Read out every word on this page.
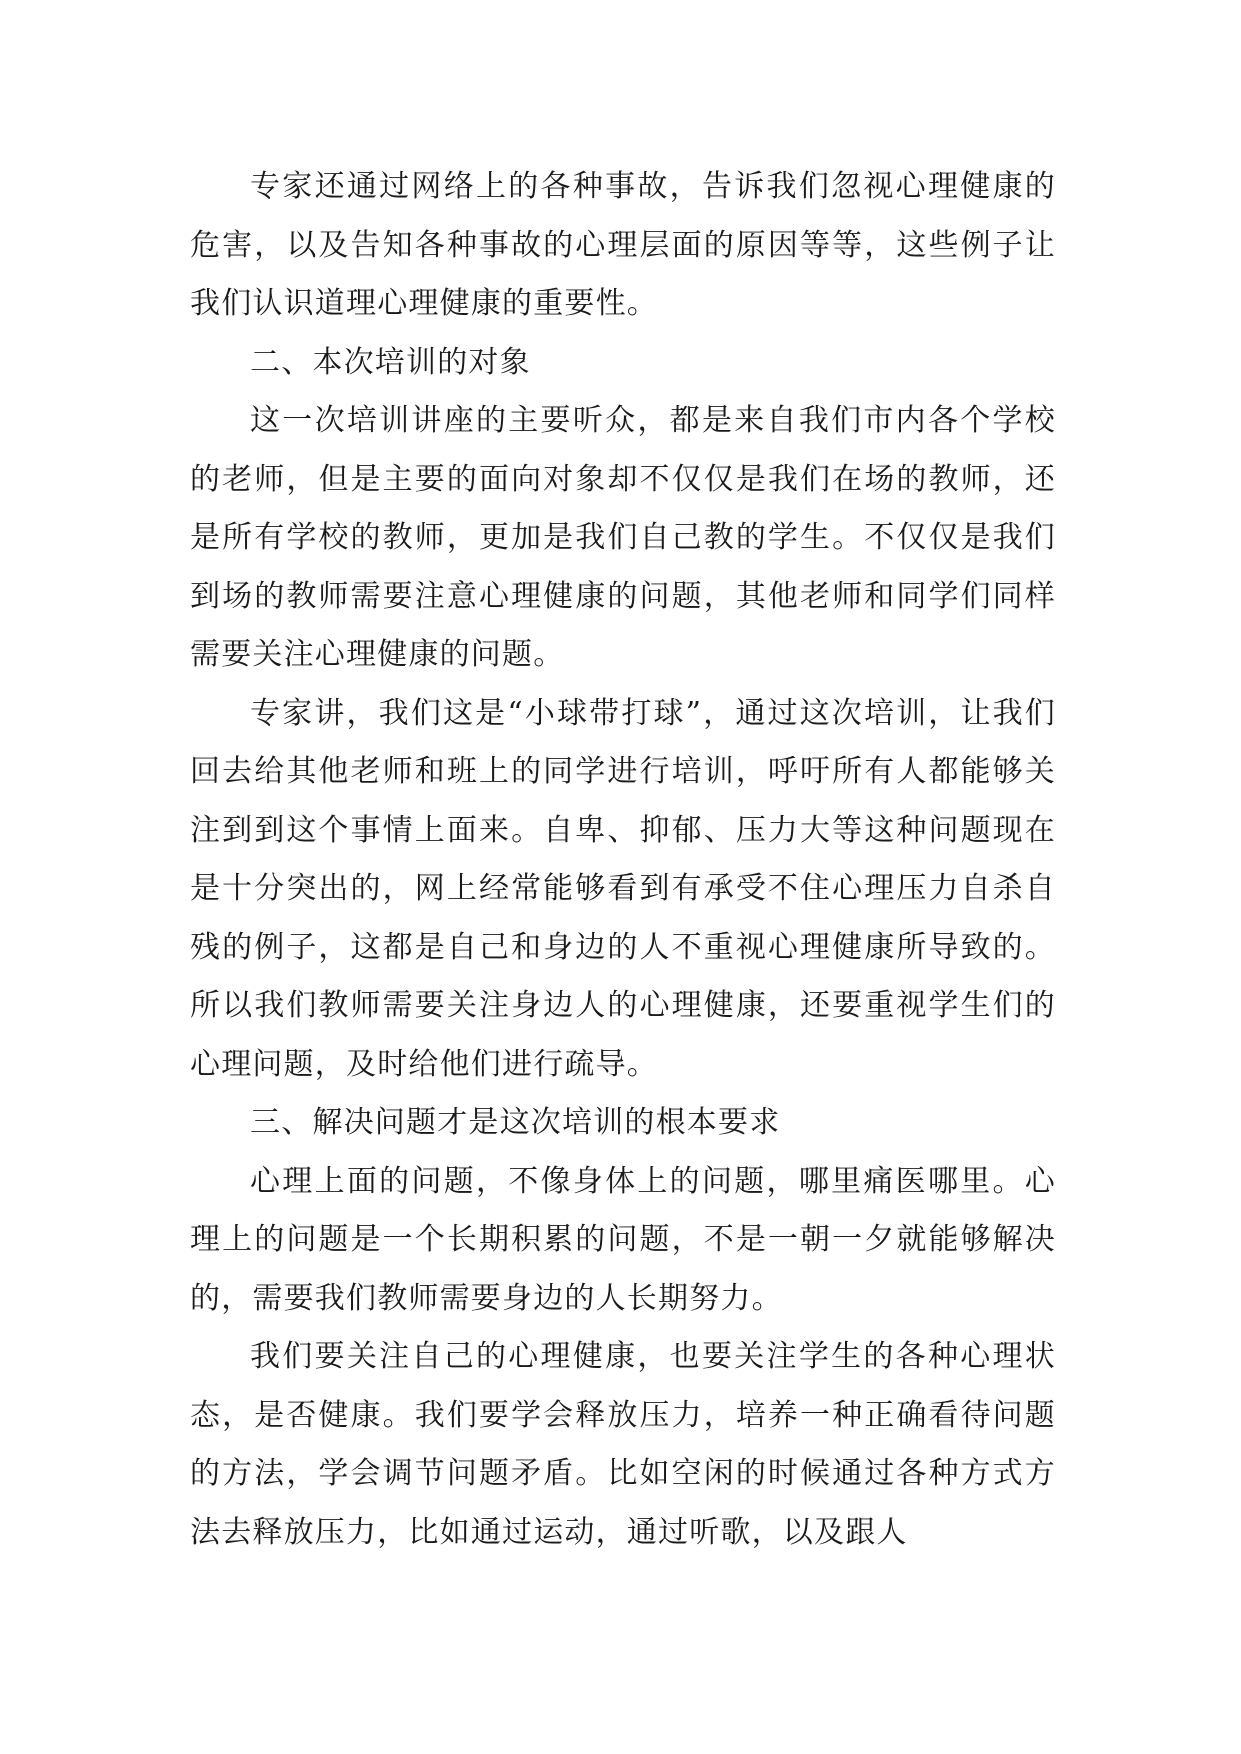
专家还通过网络上的各种事故，告诉我们忽视心理健康的危害，以及告知各种事故的心理层面的原因等等，这些例子让我们认识道理心理健康的重要性。

二、本次培训的对象

这一次培训讲座的主要听众，都是来自我们市内各个学校的老师，但是主要的面向对象却不仅仅是我们在场的教师，还是所有学校的教师，更加是我们自己教的学生。不仅仅是我们到场的教师需要注意心理健康的问题，其他老师和同学们同样需要关注心理健康的问题。

专家讲，我们这是“小球带打球”，通过这次培训，让我们回去给其他老师和班上的同学进行培训，呼吁所有人都能够关注到到这个事情上面来。自卑、抑郁、压力大等这种问题现在是十分突出的，网上经常能够看到有承受不住心理压力自杀自残的例子，这都是自己和身边的人不重视心理健康所导致的。所以我们教师需要关注身边人的心理健康，还要重视学生们的心理问题，及时给他们进行疏导。

三、解决问题才是这次培训的根本要求

心理上面的问题，不像身体上的问题，哪里痛医哪里。心理上的问题是一个长期积累的问题，不是一朝一夕就能够解决的，需要我们教师需要身边的人长期努力。

我们要关注自己的心理健康，也要关注学生的各种心理状态，是否健康。我们要学会释放压力，培养一种正确看待问题的方法，学会调节问题矛盾。比如空闲的时候通过各种方式方法去释放压力，比如通过运动，通过听歌，以及跟人
